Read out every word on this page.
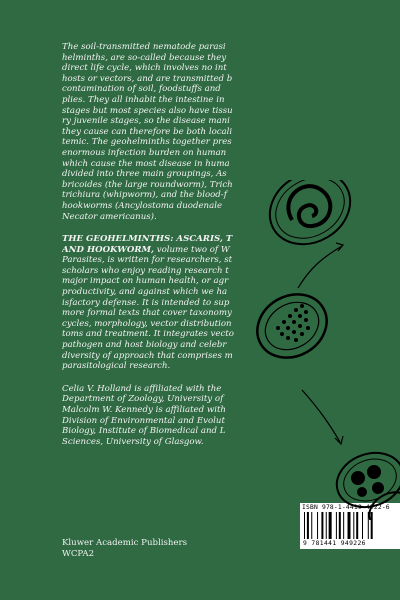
The soil-transmitted nematode parasi
helminths, are so-called because they
direct life cycle, which involves no int
hosts or vectors, and are transmitted b
contamination of soil, foodstuffs and
plies. They all inhabit the intestine in
stages but most species also have tissu
ry juvenile stages, so the disease mani
they cause can therefore be both locali
temic. The geohelminths together pres
enormous infection burden on human
which cause the most disease in huma
divided into three main groupings, As
bricoides (the large roundworm), Trich
trichiura (whipworm), and the blood-f
hookworms (Ancylostoma duodenale
Necator americanus).

THE GEOHELMINTHS: ASCARIS, T
AND HOOKWORM, volume two of W
Parasites, is written for researchers, st
scholars who enjoy reading research t
major impact on human health, or agr
productivity, and against which we ha
isfactory defense. It is intended to sup
more formal texts that cover taxonomy
cycles, morphology, vector distribution
toms and treatment. It integrates vecto
pathogen and host biology and celebr
diversity of approach that comprises m
parasitological research.

Celia V. Holland is affiliated with the
Department of Zoology, University of
Malcolm W. Kennedy is affiliated with
Division of Environmental and Evolut
Biology, Institute of Biomedical and L
Sciences, University of Glasgow.

Kluwer Academic Publishers
WCPA2
ISBN 978-1-4419-4922-6
9 781441 949226
